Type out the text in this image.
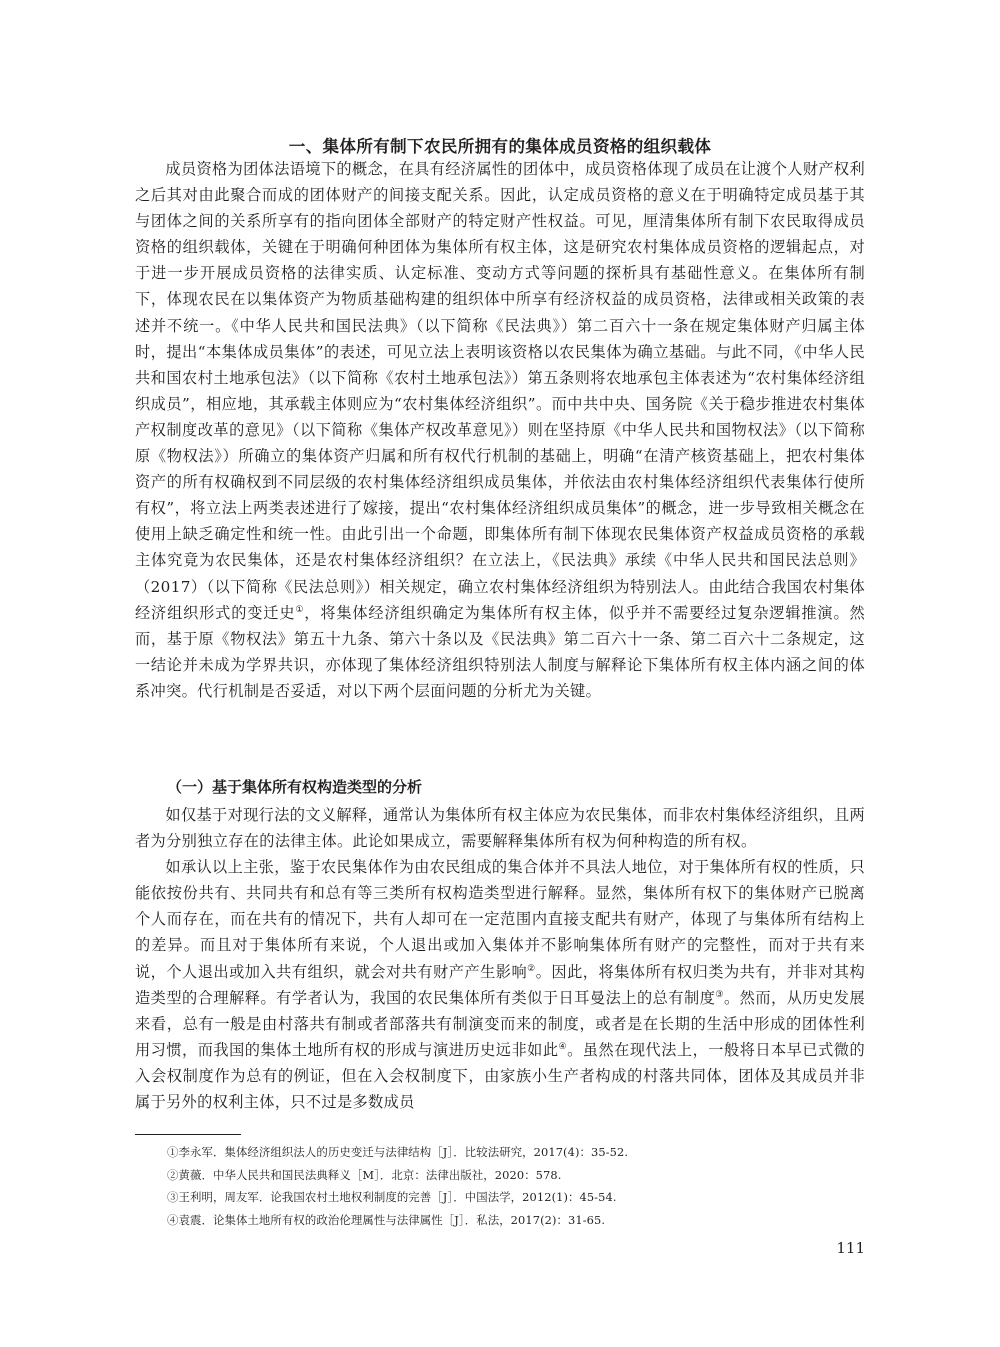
一、集体所有制下农民所拥有的集体成员资格的组织载体

成员资格为团体法语境下的概念，在具有经济属性的团体中，成员资格体现了成员在让渡个人财产权利之后其对由此聚合而成的团体财产的间接支配关系。因此，认定成员资格的意义在于明确特定成员基于其与团体之间的关系所享有的指向团体全部财产的特定财产性权益。可见，厘清集体所有制下农民取得成员资格的组织载体，关键在于明确何种团体为集体所有权主体，这是研究农村集体成员资格的逻辑起点，对于进一步开展成员资格的法律实质、认定标准、变动方式等问题的探析具有基础性意义。在集体所有制下，体现农民在以集体资产为物质基础构建的组织体中所享有经济权益的成员资格，法律或相关政策的表述并不统一。《中华人民共和国民法典》（以下简称《民法典》）第二百六十一条在规定集体财产归属主体时，提出“本集体成员集体”的表述，可见立法上表明该资格以农民集体为确立基础。与此不同，《中华人民共和国农村土地承包法》（以下简称《农村土地承包法》）第五条则将农地承包主体表述为“农村集体经济组织成员”，相应地，其承载主体则应为“农村集体经济组织”。而中共中央、国务院《关于稳步推进农村集体产权制度改革的意见》（以下简称《集体产权改革意见》）则在坚持原《中华人民共和国物权法》（以下简称原《物权法》）所确立的集体资产归属和所有权代行机制的基础上，明确“在清产核资基础上，把农村集体资产的所有权确权到不同层级的农村集体经济组织成员集体，并依法由农村集体经济组织代表集体行使所有权”，将立法上两类表述进行了嫁接，提出“农村集体经济组织成员集体”的概念，进一步导致相关概念在使用上缺乏确定性和统一性。由此引出一个命题，即集体所有制下体现农民集体资产权益成员资格的承载主体究竟为农民集体，还是农村集体经济组织？在立法上，《民法典》承续《中华人民共和国民法总则》（2017）（以下简称《民法总则》）相关规定，确立农村集体经济组织为特别法人。由此结合我国农村集体经济组织形式的变迁史①，将集体经济组织确定为集体所有权主体，似乎并不需要经过复杂逻辑推演。然而，基于原《物权法》第五十九条、第六十条以及《民法典》第二百六十一条、第二百六十二条规定，这一结论并未成为学界共识，亦体现了集体经济组织特别法人制度与解释论下集体所有权主体内涵之间的体系冲突。代行机制是否妥适，对以下两个层面问题的分析尤为关键。

（一）基于集体所有权构造类型的分析

如仅基于对现行法的文义解释，通常认为集体所有权主体应为农民集体，而非农村集体经济组织，且两者为分别独立存在的法律主体。此论如果成立，需要解释集体所有权为何种构造的所有权。

如承认以上主张，鉴于农民集体作为由农民组成的集合体并不具法人地位，对于集体所有权的性质，只能依按份共有、共同共有和总有等三类所有权构造类型进行解释。显然，集体所有权下的集体财产已脱离个人而存在，而在共有的情况下，共有人却可在一定范围内直接支配共有财产，体现了与集体所有结构上的差异。而且对于集体所有来说，个人退出或加入集体并不影响集体所有财产的完整性，而对于共有来说，个人退出或加入共有组织，就会对共有财产产生影响②。因此，将集体所有权归类为共有，并非对其构造类型的合理解释。有学者认为，我国的农民集体所有类似于日耳曼法上的总有制度③。然而，从历史发展来看，总有一般是由村落共有制或者部落共有制演变而来的制度，或者是在长期的生活中形成的团体性利用习惯，而我国的集体土地所有权的形成与演进历史远非如此④。虽然在现代法上，一般将日本早已式微的入会权制度作为总有的例证，但在入会权制度下，由家族小生产者构成的村落共同体，团体及其成员并非属于另外的权利主体，只不过是多数成员

①李永军．集体经济组织法人的历史变迁与法律结构［J］．比较法研究，2017(4)：35-52.
②黄薇．中华人民共和国民法典释义［M］．北京：法律出版社，2020：578.
③王利明，周友军．论我国农村土地权利制度的完善［J］．中国法学，2012(1)：45-54.
④袁震．论集体土地所有权的政治伦理属性与法律属性［J］．私法，2017(2)：31-65.
111
